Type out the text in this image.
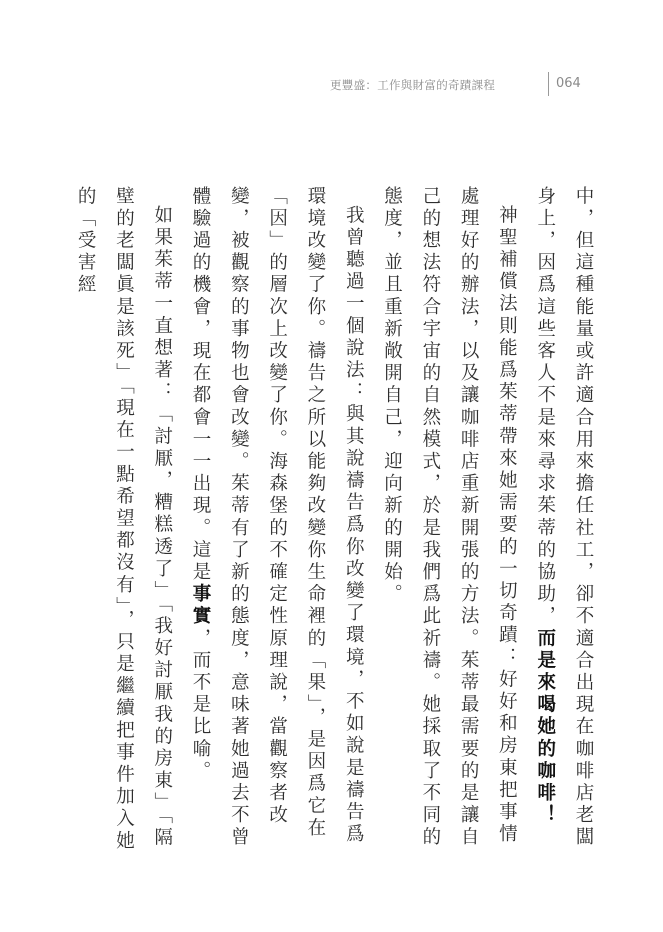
更豐盛：工作與財富的奇蹟課程	064

中，但這種能量或許適合用來擔任社工，卻不適合出現在咖啡店老闆身上，因爲這些客人不是來尋求茱蒂的協助，而是來喝她的咖啡！

神聖補償法則能爲茱蒂帶來她需要的一切奇蹟：好好和房東把事情處理好的辦法，以及讓咖啡店重新開張的方法。茱蒂最需要的是讓自己的想法符合宇宙的自然模式，於是我們爲此祈禱。她採取了不同的態度，並且重新敞開自己，迎向新的開始。

我曾聽過一個說法：與其說禱告爲你改變了環境，不如說是禱告爲環境改變了你。禱告之所以能夠改變你生命裡的「果」，是因爲它在「因」的層次上改變了你。海森堡的不確定性原理說，當觀察者改變，被觀察的事物也會改變。茱蒂有了新的態度，意味著她過去不曾體驗過的機會，現在都會一一出現。這是事實，而不是比喻。

如果茱蒂一直想著：「討厭，糟糕透了」「我好討厭我的房東」「隔壁的老闆眞是該死」「現在一點希望都沒有」，只是繼續把事件加入她的「受害經
